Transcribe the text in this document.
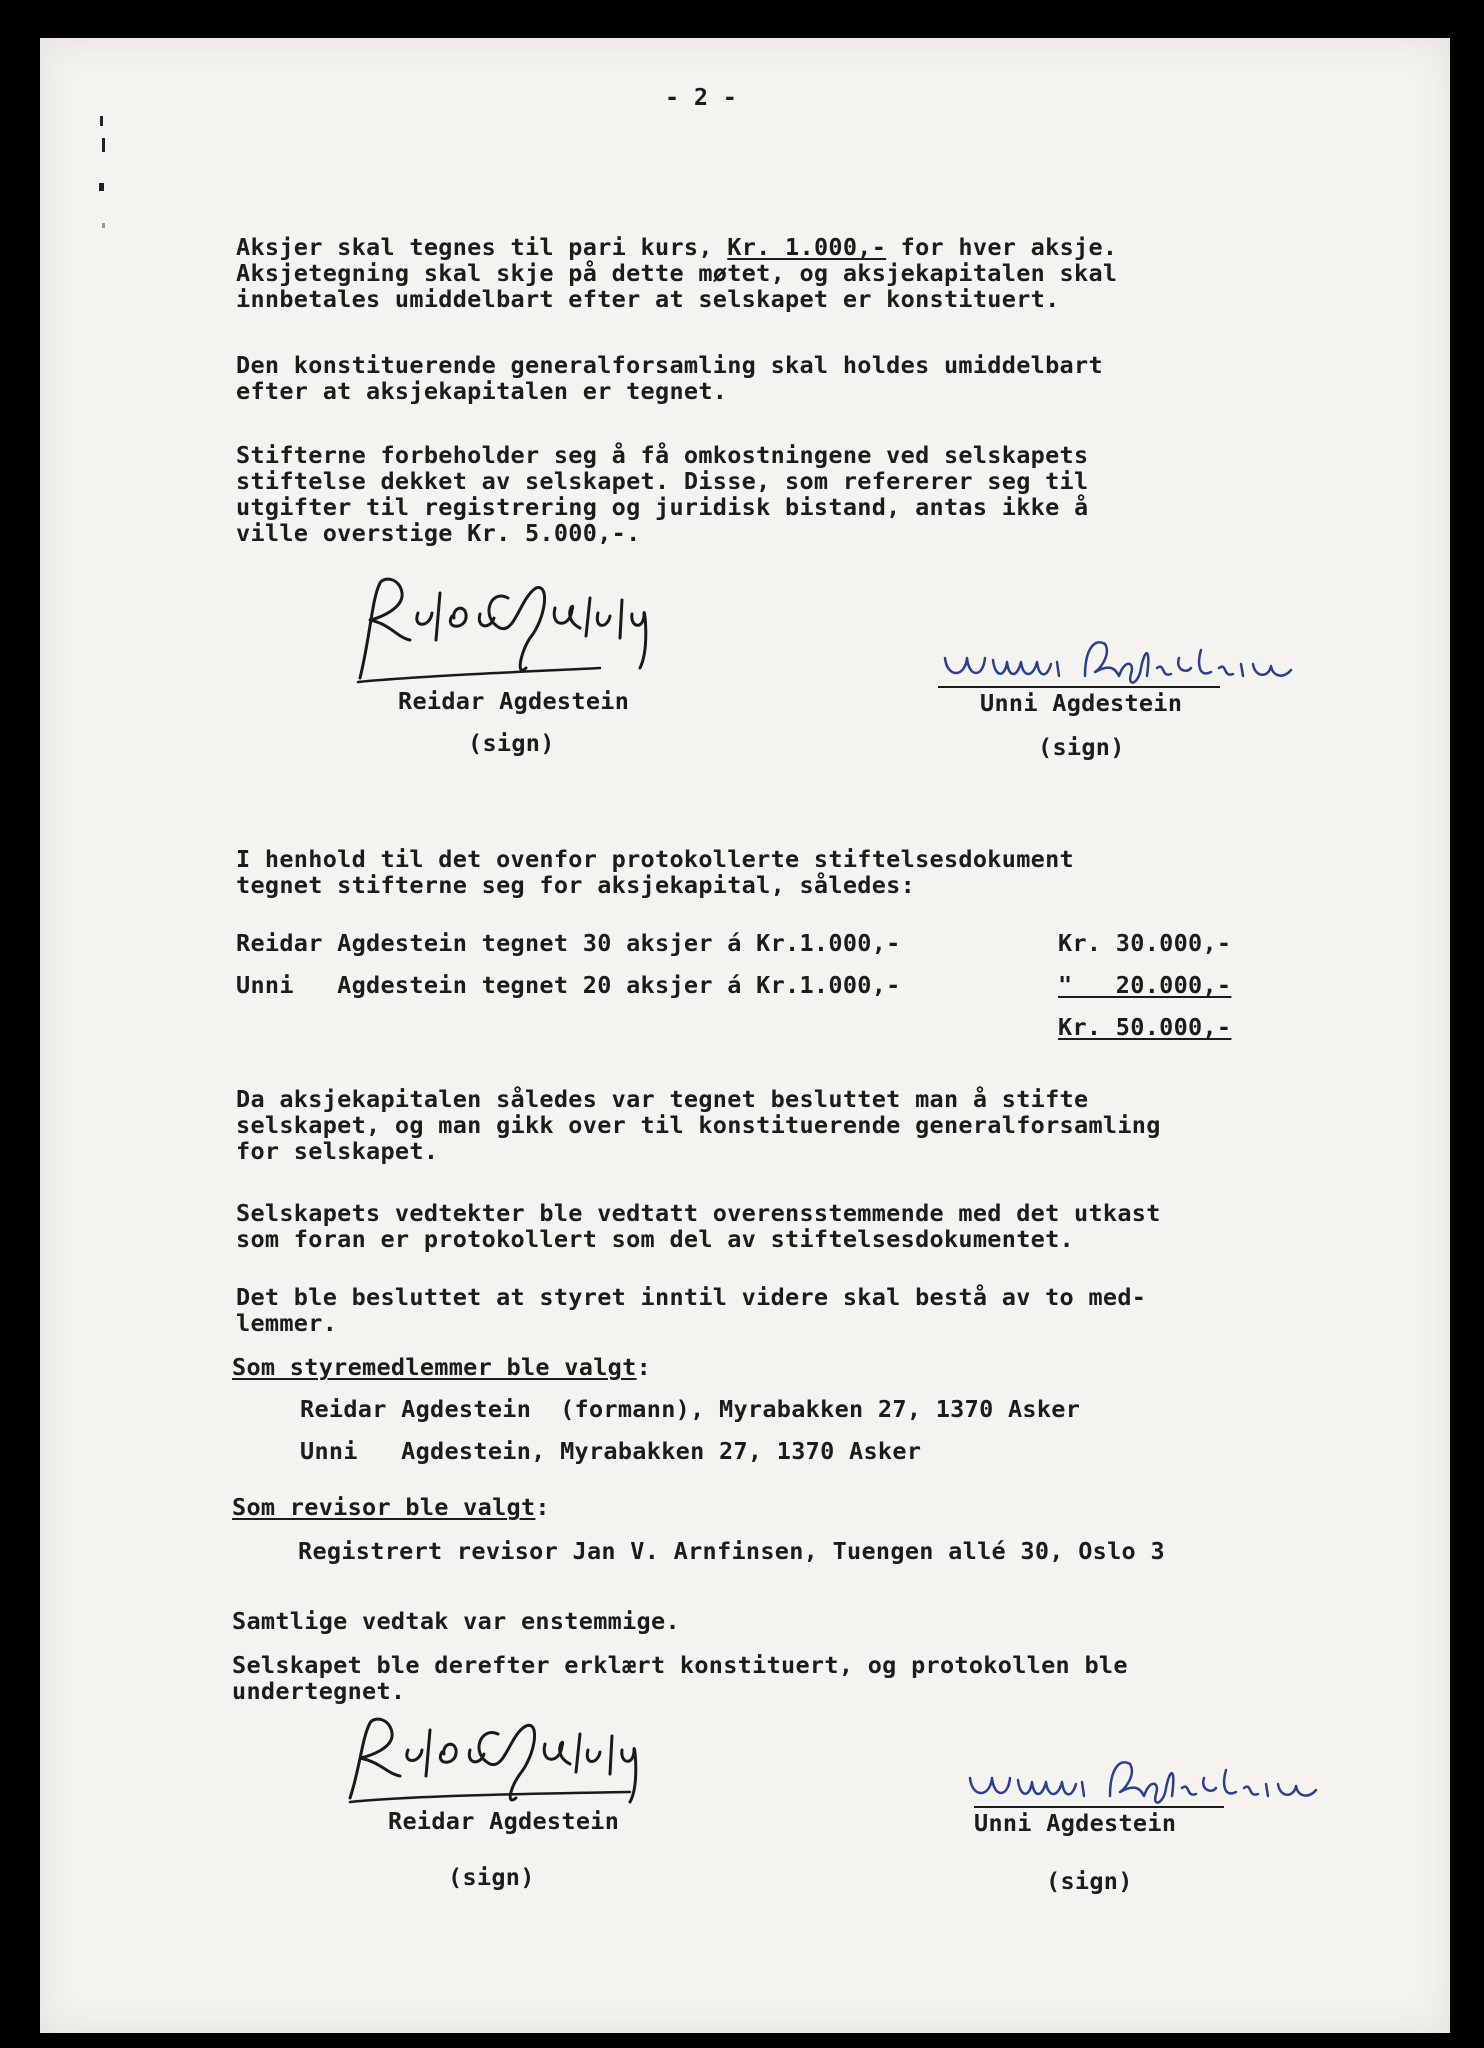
- 2 -

Aksjer skal tegnes til pari kurs, Kr. 1.000,- for hver aksje.

Aksjetegning skal skje på dette møtet, og aksjekapitalen skal

innbetales umiddelbart efter at selskapet er konstituert.

Den konstituerende generalforsamling skal holdes umiddelbart

efter at aksjekapitalen er tegnet.

Stifterne forbeholder seg å få omkostningene ved selskapets

stiftelse dekket av selskapet. Disse, som refererer seg til

utgifter til registrering og juridisk bistand, antas ikke å

ville overstige Kr. 5.000,-.

Reidar Agdestein

(sign)

Unni Agdestein

(sign)

I henhold til det ovenfor protokollerte stiftelsesdokument

tegnet stifterne seg for aksjekapital, således:

Reidar Agdestein tegnet 30 aksjer á Kr.1.000,-	Kr. 30.000,-

Unni   Agdestein tegnet 20 aksjer á Kr.1.000,-	"   20.000,-

Kr. 50.000,-

Da aksjekapitalen således var tegnet besluttet man å stifte

selskapet, og man gikk over til konstituerende generalforsamling

for selskapet.

Selskapets vedtekter ble vedtatt overensstemmende med det utkast

som foran er protokollert som del av stiftelsesdokumentet.

Det ble besluttet at styret inntil videre skal bestå av to med-

lemmer.

Som styremedlemmer ble valgt:

Reidar Agdestein  (formann), Myrabakken 27, 1370 Asker

Unni   Agdestein, Myrabakken 27, 1370 Asker

Som revisor ble valgt:

Registrert revisor Jan V. Arnfinsen, Tuengen allé 30, Oslo 3

Samtlige vedtak var enstemmige.

Selskapet ble derefter erklært konstituert, og protokollen ble

undertegnet.

Reidar Agdestein

(sign)

Unni Agdestein

(sign)
